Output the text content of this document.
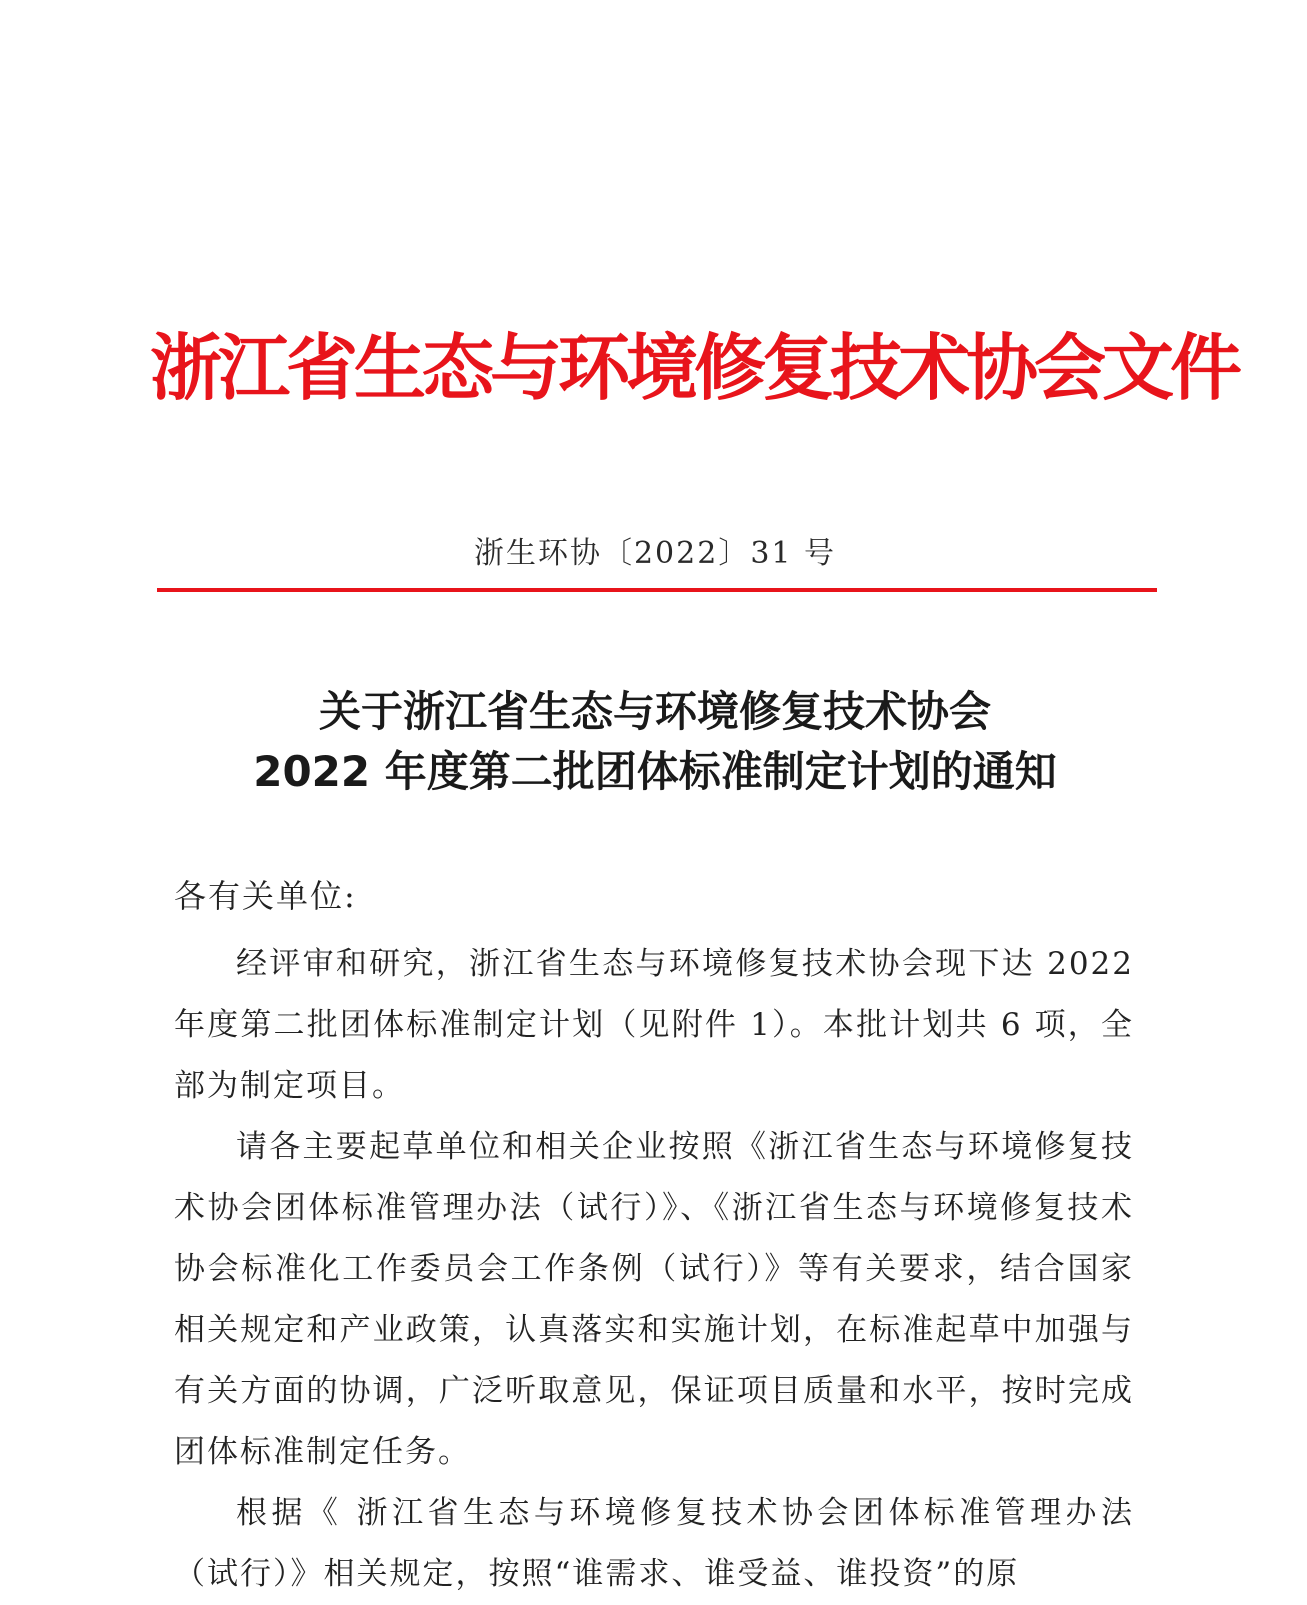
浙江省生态与环境修复技术协会文件
浙生环协〔2022〕31 号
关于浙江省生态与环境修复技术协会
2022 年度第二批团体标准制定计划的通知
各有关单位:

经评审和研究，浙江省生态与环境修复技术协会现下达 2022 年度第二批团体标准制定计划（见附件 1）。本批计划共 6 项，全部为制定项目。

请各主要起草单位和相关企业按照《浙江省生态与环境修复技术协会团体标准管理办法（试行）》、《浙江省生态与环境修复技术协会标准化工作委员会工作条例（试行）》等有关要求，结合国家相关规定和产业政策，认真落实和实施计划，在标准起草中加强与有关方面的协调，广泛听取意见，保证项目质量和水平，按时完成团体标准制定任务。

根据《 浙江省生态与环境修复技术协会团体标准管理办法（试行）》相关规定，按照“谁需求、谁受益、谁投资”的原
